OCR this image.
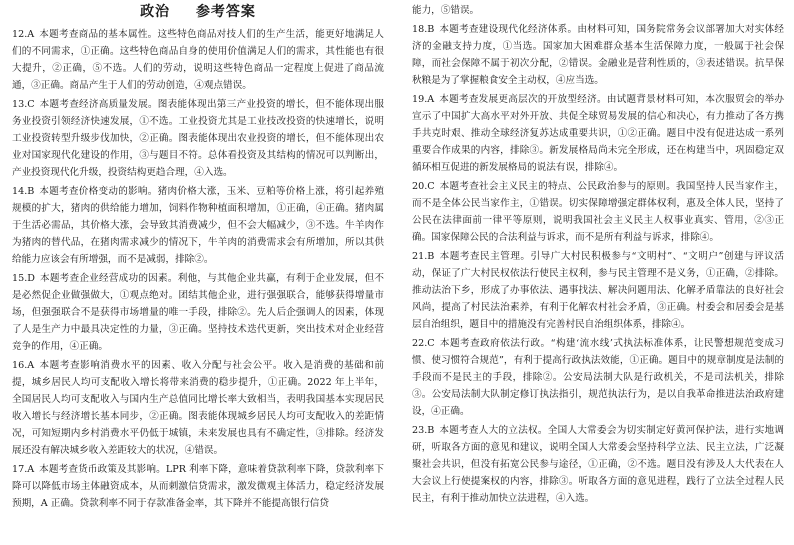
政治 参考答案
12.A  本题考查商品的基本属性。这些特色商品对技人们的生产生活，能更好地满足人们的不同需求，①正确。这些特色商品自身的使用价值满足人们的需求，其性能也有很大提升，②正确，⑤不选。人们的劳动，说明这些特色商品一定程度上促进了商品流通，③正确。商品产生于人们的劳动创造，④观点错误。
13.C  本题考查经济高质量发展。图表能体现出第三产业投资的增长，但不能体现出服务业投资引领经济快速发展，①不选。工业投资尤其是工业技改投资的快速增长，说明工业投资转型升级步伐加快，②正确。图表能体现出农业投资的增长，但不能体现出农业对国家现代化建设的作用，③与题目不符。总体看投资及其结构的情况可以判断出，产业投资现代化升级，投资结构更趋合理，④入选。
14.B  本题考查价格变动的影响。猪肉价格大涨，玉米、豆粕等价格上涨，将引起养殖规模的扩大，猪肉的供给能力增加，饲料作物种植面积增加，①正确，④正确。猪肉属于生活必需品，其价格大涨，会导致其消费减少，但不会大幅减少，③不选。牛羊肉作为猪肉的替代品，在猪肉需求减少的情况下，牛羊肉的消费需求会有所增加，所以其供给能力应该会有所增强，而不是减弱，排除②。
15.D  本题考查企业经营成功的因素。利他，与其他企业共赢，有利于企业发展，但不是必然促企业做强做大，①观点绝对。团结其他企业，进行强强联合，能够获得增量市场，但强强联合不是获得市场增量的唯一手段，排除②。先人后企强调人的因素，体现了人是生产力中最具决定性的力量，③正确。坚持技术迭代更新，突出技术对企业经营竞争的作用，④正确。
16.A  本题考查影响消费水平的因素、收入分配与社会公平。收入是消费的基础和前提，城乡居民人均可支配收入增长将带来消费的稳步提升，①正确。2022 年上半年，全国居民人均可支配收入与国内生产总值同比增长率大致相当，表明我国基本实现居民收入增长与经济增长基本同步，②正确。图表能体现城乡居民人均可支配收入的差距情况，可知短期内乡村消费水平仍低于城镇，未来发展也具有不确定性，③排除。经济发展还没有解决城乡收入差距较大的状况，④错误。
17.A  本题考查货币政策及其影响。LPR 利率下降，意味着贷款利率下降，贷款利率下降可以降低市场主体融资成本，从而刺激信贷需求，激发微观主体活力，稳定经济发展预期，A 正确。贷款利率不同于存款准备金率，其下降并不能提高银行信贷
能力，⑤错误。
18.B  本题考查建设现代化经济体系。由材料可知，国务院常务会议部署加大对实体经济的金融支持力度，①当选。国家加大困难群众基本生活保障力度，一般属于社会保障，而社会保障不属于初次分配，②错误。金融业是营利性质的，③表述错误。抗旱保秋粮是为了掌握粮食安全主动权，④应当选。
19.A  本题考查发展更高层次的开放型经济。由试题背景材料可知，本次服贸会的举办宣示了中国扩大高水平对外开放、共促全球贸易发展的信心和决心，有力推动了各方携手共克时艰、推动全球经济复苏达成重要共识，①②正确。题目中没有促进达成一系列重要合作成果的内容，排除③。新发展格局尚未完全形成，还在构建当中，巩固稳定双循环相互促进的新发展格局的说法有误，排除④。
20.C  本题考查社会主义民主的特点、公民政治参与的原则。我国坚持人民当家作主，而不是全体公民当家作主，①错误。切实保障增强定群体权利，惠及全体人民，坚持了公民在法律面前一律平等原则，说明我国社会主义民主人权事业真实、管用，②③正确。国家保障公民的合法利益与诉求，而不是所有利益与诉求，排除④。
21.B  本题考查民主管理。引导广大村民积极参与“文明村”、“文明户”创建与评议活动，保证了广大村民权依法行使民主权利，参与民主管理不是义务，①正确，②排除。推动法治下乡，形成了办事依法、遇事找法、解决问题用法、化解矛盾靠法的良好社会风尚，提高了村民法治素养，有利于化解农村社会矛盾，③正确。村委会和居委会是基层自治组织，题目中的措施没有完善村民自治组织体系，排除④。
22.C  本题考查政府依法行政。“构建‘流水线’式执法标准体系，让民警想规范变成习惯、使习惯符合规范”，有利于提高行政执法效能，①正确。题目中的规章制度是法制的手段而不是民主的手段，排除②。公安局法制大队是行政机关，不是司法机关，排除③。公安局法制大队制定修订执法指引，规范执法行为，是以自我革命推进法治政府建设，④正确。
23.B  本题考查人大的立法权。全国人大常委会为切实制定好黄河保护法，进行实地调研，听取各方面的意见和建议，说明全国人大常委会坚持科学立法、民主立法，广泛凝聚社会共识，但没有拓宽公民参与途径，①正确，②不选。题目没有涉及人大代表在人大会议上行使提案权的内容，排除③。听取各方面的意见进程，践行了立法全过程人民民主，有利于推动加快立法进程，④入选。
